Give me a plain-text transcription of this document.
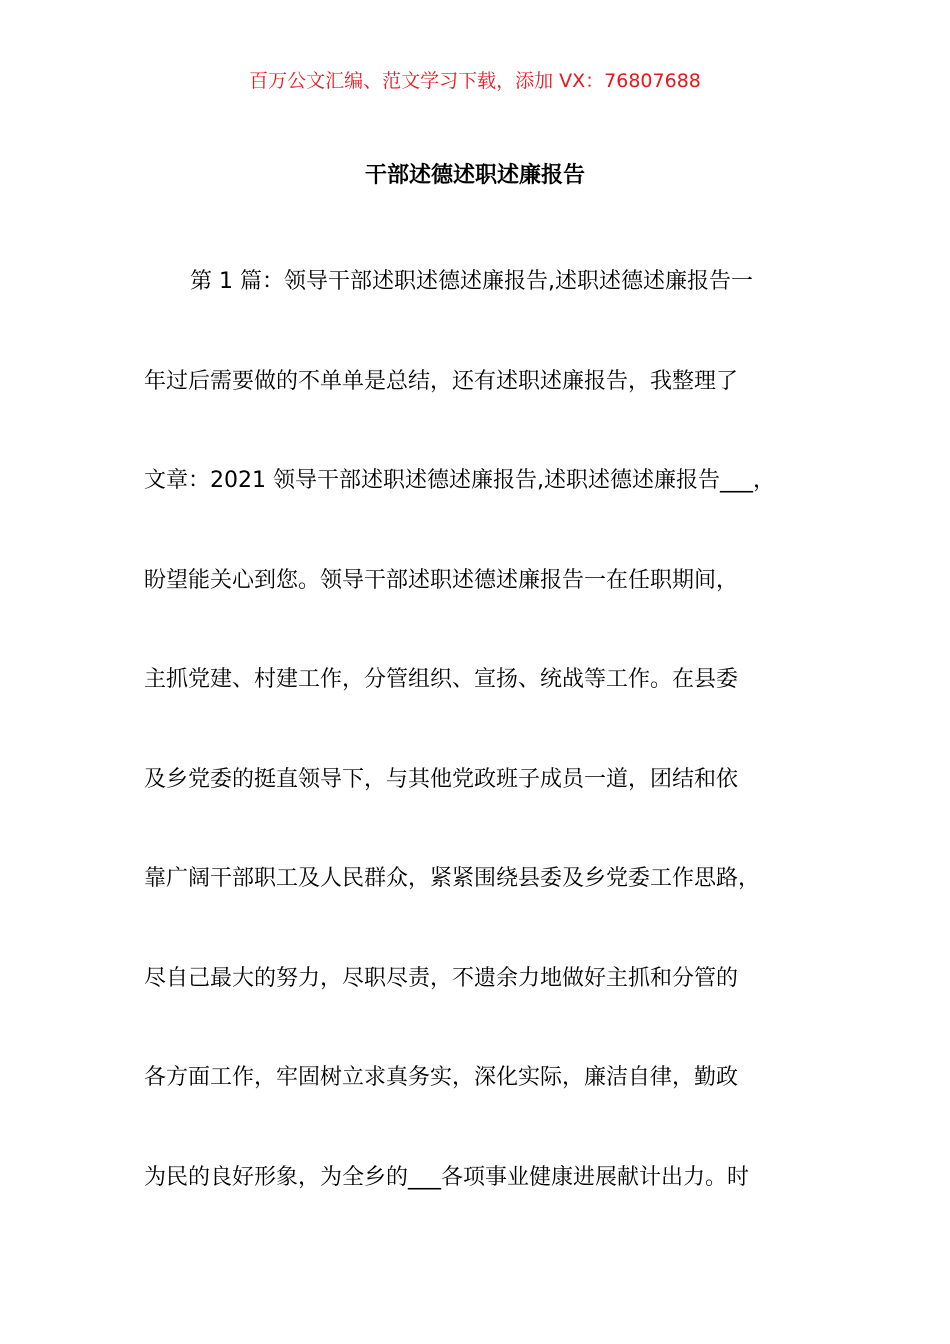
百万公文汇编、范文学习下载，添加 VX：76807688
干部述德述职述廉报告
第 1 篇：领导干部述职述德述廉报告,述职述德述廉报告一
年过后需要做的不单单是总结，还有述职述廉报告，我整理了
文章：2021 领导干部述职述德述廉报告,述职述德述廉报告___，
盼望能关心到您。领导干部述职述德述廉报告一在任职期间，
主抓党建、村建工作，分管组织、宣扬、统战等工作。在县委
及乡党委的挺直领导下，与其他党政班子成员一道，团结和依
靠广阔干部职工及人民群众，紧紧围绕县委及乡党委工作思路，
尽自己最大的努力，尽职尽责，不遗余力地做好主抓和分管的
各方面工作，牢固树立求真务实，深化实际，廉洁自律，勤政
为民的良好形象，为全乡的___各项事业健康进展献计出力。时
